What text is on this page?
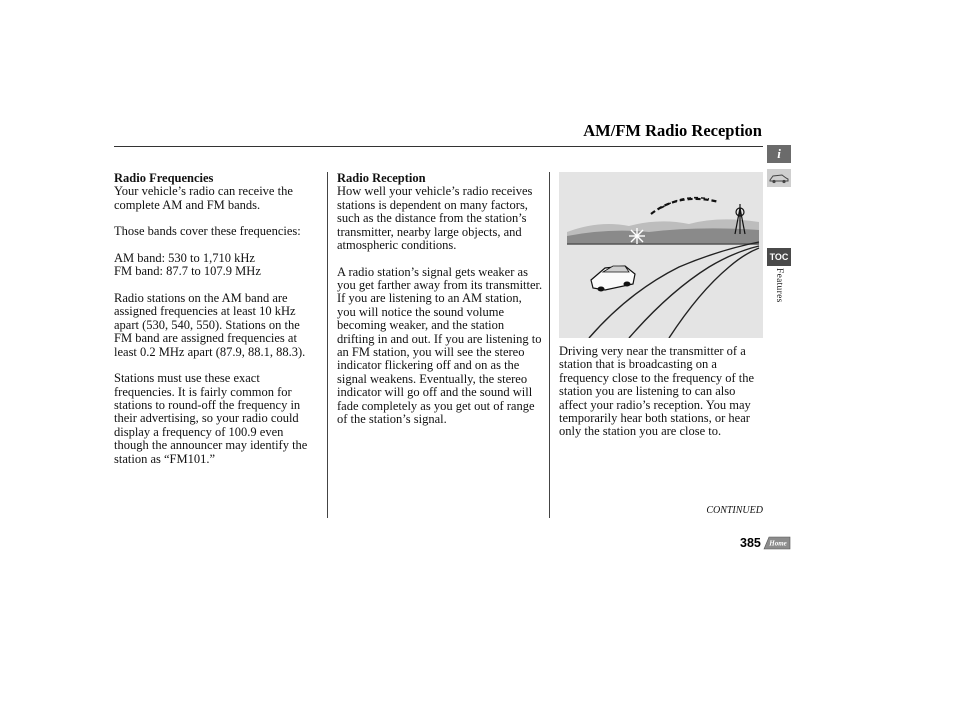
AM/FM Radio Reception

Radio Frequencies

Your vehicle’s radio can receive the complete AM and FM bands.

Those bands cover these frequencies:

AM band: 530 to 1,710 kHz

FM band: 87.7 to 107.9 MHz

Radio stations on the AM band are assigned frequencies at least 10 kHz apart (530, 540, 550). Stations on the FM band are assigned frequencies at least 0.2 MHz apart (87.9, 88.1, 88.3).

Stations must use these exact frequencies. It is fairly common for stations to round-off the frequency in their advertising, so your radio could display a frequency of 100.9 even though the announcer may identify the station as “FM101.”

Radio Reception

How well your vehicle’s radio receives stations is dependent on many factors, such as the distance from the station’s transmitter, nearby large objects, and atmospheric conditions.

A radio station’s signal gets weaker as you get farther away from its transmitter. If you are listening to an AM station, you will notice the sound volume becoming weaker, and the station drifting in and out. If you are listening to an FM station, you will see the stereo indicator flickering off and on as the signal weakens. Eventually, the stereo indicator will go off and the sound will fade completely as you get out of range of the station’s signal.

Driving very near the transmitter of a station that is broadcasting on a frequency close to the frequency of the station you are listening to can also affect your radio’s reception. You may temporarily hear both stations, or hear only the station you are close to.

i
TOC
Features
CONTINUED
385 Home
